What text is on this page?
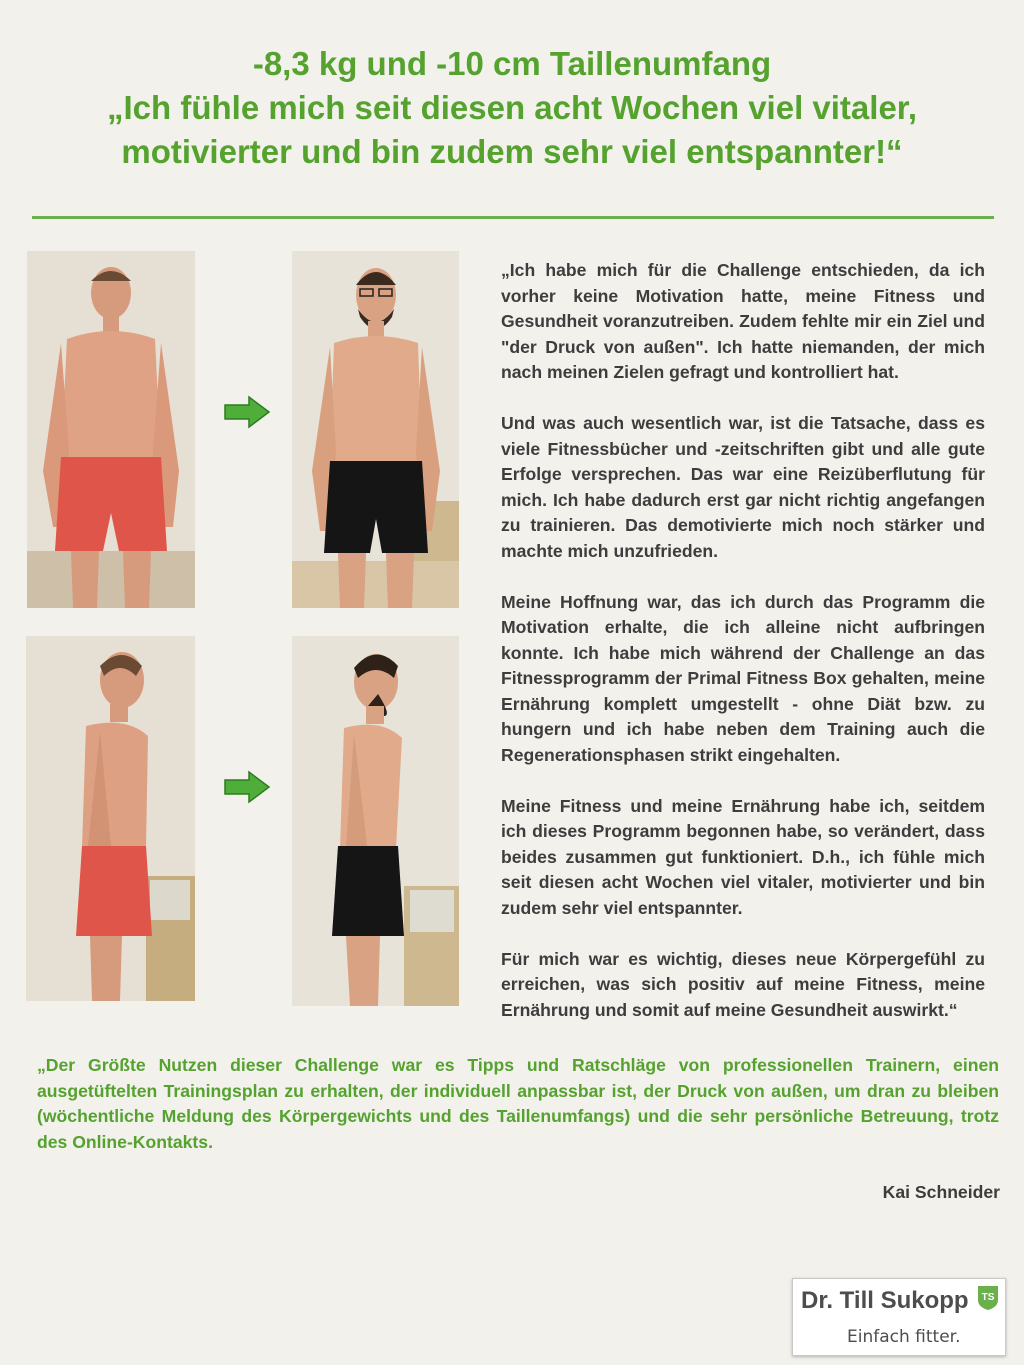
-8,3 kg und -10 cm Taillenumfang
„Ich fühle mich seit diesen acht Wochen viel vitaler,
motivierter und bin zudem sehr viel entspannter!“

„Ich habe mich für die Challenge entschieden, da ich vorher keine Motivation hatte, meine Fitness und Gesundheit voranzutreiben. Zudem fehlte mir ein Ziel und "der Druck von außen". Ich hatte niemanden, der mich nach meinen Zielen gefragt und kontrolliert hat.

Und was auch wesentlich war, ist die Tatsache, dass es viele Fitnessbücher und -zeitschriften gibt und alle gute Erfolge versprechen. Das war eine Reizüberflutung für mich. Ich habe dadurch erst gar nicht richtig angefangen zu trainieren. Das demotivierte mich noch stärker und machte mich unzufrieden.

Meine Hoffnung war, das ich durch das Programm die Motivation erhalte, die ich alleine nicht aufbringen konnte. Ich habe mich während der Challenge an das Fitnessprogramm der Primal Fitness Box gehalten, meine Ernährung komplett umgestellt - ohne Diät bzw. zu hungern und ich habe neben dem Training auch die Regenerationsphasen strikt eingehalten.

Meine Fitness und meine Ernährung habe ich, seitdem ich dieses Programm begonnen habe, so verändert, dass beides zusammen gut funktioniert. D.h., ich fühle mich seit diesen acht Wochen viel vitaler, motivierter und bin zudem sehr viel entspannter.

Für mich war es wichtig, dieses neue Körpergefühl zu erreichen, was sich positiv auf meine Fitness, meine Ernährung und somit auf meine Gesundheit auswirkt.“

Kai Schneider

„Der Größte Nutzen dieser Challenge war es Tipps und Ratschläge von professionellen Trainern, einen ausgetüftelten Trainingsplan zu erhalten, der individuell anpassbar ist, der Druck von außen, um dran zu bleiben (wöchentliche Meldung des Körpergewichts und des Taillenumfangs) und die sehr persönliche Betreuung, trotz des Online-Kontakts.

Dr. Till Sukopp
Einfach fitter.
TS
